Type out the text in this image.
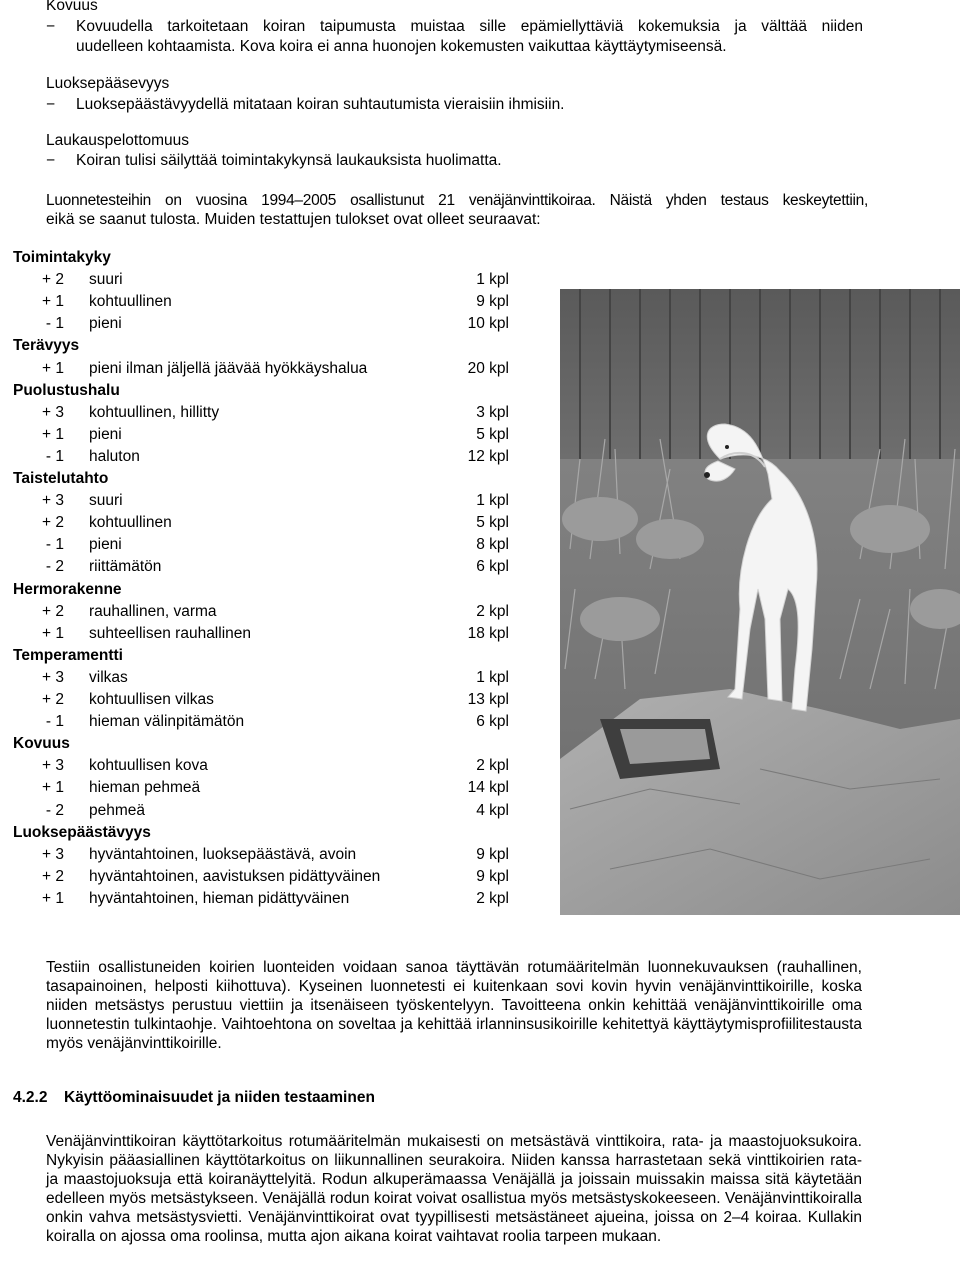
Kovuus
− Kovuudella tarkoitetaan koiran taipumusta muistaa sille epämiellyttäviä kokemuksia ja välttää niiden
uudelleen kohtaamista. Kova koira ei anna huonojen kokemusten vaikuttaa käyttäytymiseensä.
Luoksepääsevyys
− Luoksepäästävyydellä mitataan koiran suhtautumista vieraisiin ihmisiin.
Laukauspelottomuus
− Koiran tulisi säilyttää toimintakykynsä laukauksista huolimatta.
Luonnetesteihin on vuosina 1994–2005 osallistunut 21 venäjänvinttikoiraa. Näistä yhden testaus keskeytettiin,
eikä se saanut tulosta. Muiden testattujen tulokset ovat olleet seuraavat:
Toimintakyky
+ 2 suuri	1 kpl
+ 1 kohtuullinen	9 kpl
- 1 pieni	10 kpl
Terävyys
+ 1 pieni ilman jäljellä jäävää hyökkäyshalua	20 kpl
Puolustushalu
+ 3 kohtuullinen, hillitty	3 kpl
+ 1 pieni	5 kpl
- 1 haluton	12 kpl
Taistelutahto
+ 3 suuri	1 kpl
+ 2 kohtuullinen	5 kpl
- 1 pieni	8 kpl
- 2 riittämätön	6 kpl
Hermorakenne
+ 2 rauhallinen, varma	2 kpl
+ 1 suhteellisen rauhallinen	18 kpl
Temperamentti
+ 3 vilkas	1 kpl
+ 2 kohtuullisen vilkas	13 kpl
- 1 hieman välinpitämätön	6 kpl
Kovuus
+ 3 kohtuullisen kova	2 kpl
+ 1 hieman pehmeä	14 kpl
- 2 pehmeä	4 kpl
Luoksepäästävyys
+ 3 hyväntahtoinen, luoksepäästävä, avoin	9 kpl
+ 2 hyväntahtoinen, aavistuksen pidättyväinen	9 kpl
+ 1 hyväntahtoinen, hieman pidättyväinen	2 kpl

Testiin osallistuneiden koirien luonteiden voidaan sanoa täyttävän rotumääritelmän luonnekuvauksen (rauhallinen, tasapainoinen, helposti kiihottuva). Kyseinen luonnetesti ei kuitenkaan sovi kovin hyvin venäjänvinttikoirille, koska niiden metsästys perustuu viettiin ja itsenäiseen työskentelyyn. Tavoitteena onkin kehittää venäjänvinttikoirille oma luonnetestin tulkintaohje. Vaihtoehtona on soveltaa ja kehittää irlanninsusikoirille kehitettyä käyttäytymisprofiilitestausta myös venäjänvinttikoirille.

4.2.2 Käyttöominaisuudet ja niiden testaaminen

Venäjänvinttikoiran käyttötarkoitus rotumääritelmän mukaisesti on metsästävä vinttikoira, rata- ja maastojuoksukoira. Nykyisin pääasiallinen käyttötarkoitus on liikunnallinen seurakoira. Niiden kanssa harrastetaan sekä vinttikoirien rata- ja maastojuoksuja että koiranäyttelyitä. Rodun alkuperämaassa Venäjällä ja joissain muissakin maissa sitä käytetään edelleen myös metsästykseen. Venäjällä rodun koirat voivat osallistua myös metsästyskokeeseen. Venäjänvinttikoiralla onkin vahva metsästysvietti. Venäjänvinttikoirat ovat tyypillisesti metsästäneet ajueina, joissa on 2–4 koiraa. Kullakin koiralla on ajossa oma roolinsa, mutta ajon aikana koirat vaihtavat roolia tarpeen mukaan.
